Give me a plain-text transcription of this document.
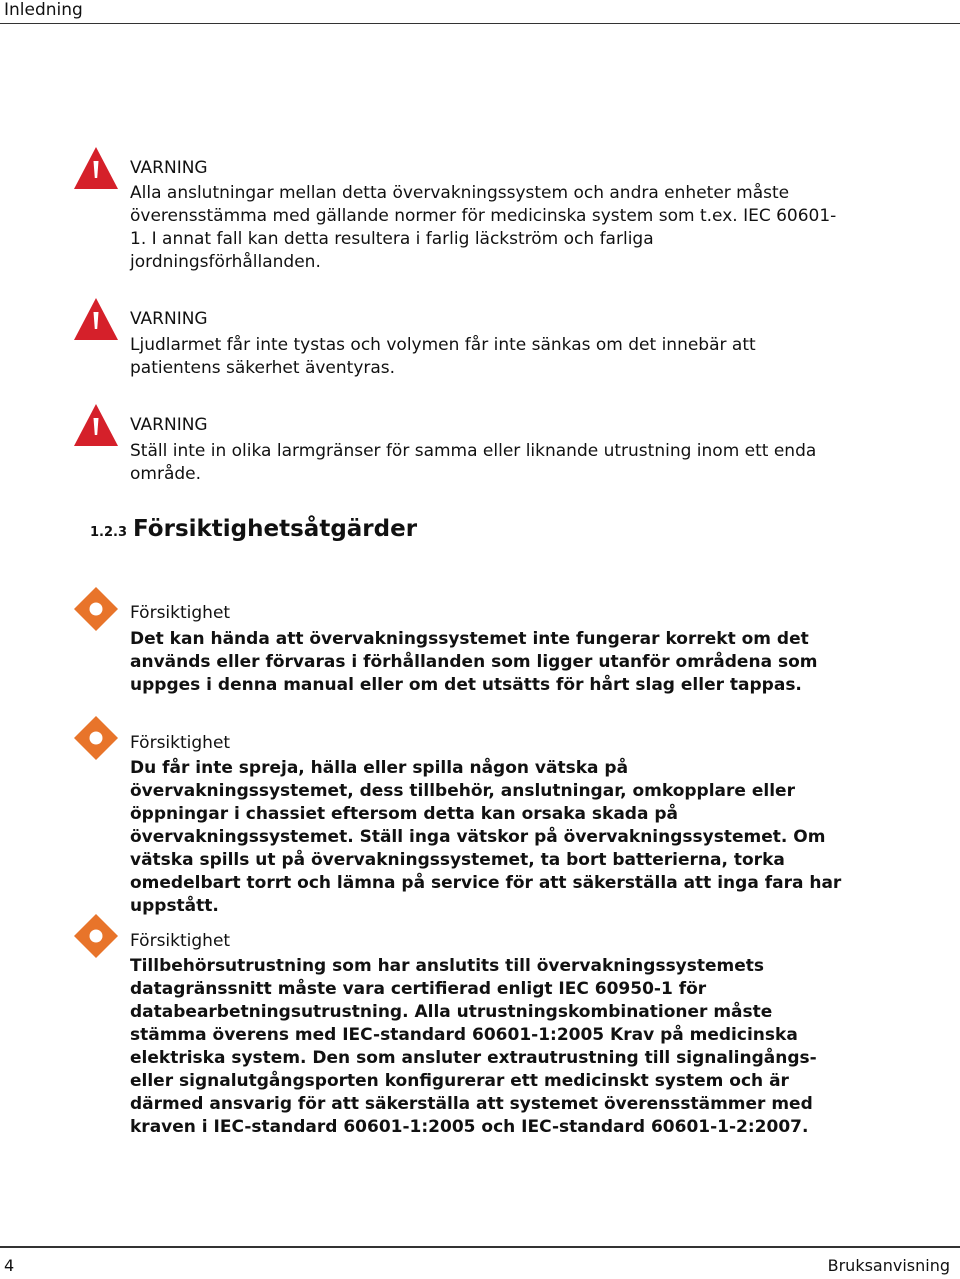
Inledning
VARNING
Alla anslutningar mellan detta övervakningssystem och andra enheter måste överensstämma med gällande normer för medicinska system som t.ex. IEC 60601-1. I annat fall kan detta resultera i farlig läckström och farliga jordningsförhållanden.
VARNING
Ljudlarmet får inte tystas och volymen får inte sänkas om det innebär att patientens säkerhet äventyras.
VARNING
Ställ inte in olika larmgränser för samma eller liknande utrustning inom ett enda område.
1.2.3 Försiktighetsåtgärder
Försiktighet
Det kan hända att övervakningssystemet inte fungerar korrekt om det används eller förvaras i förhållanden som ligger utanför områdena som uppges i denna manual eller om det utsätts för hårt slag eller tappas.
Försiktighet
Du får inte spreja, hälla eller spilla någon vätska på övervakningssystemet, dess tillbehör, anslutningar, omkopplare eller öppningar i chassiet eftersom detta kan orsaka skada på övervakningssystemet. Ställ inga vätskor på övervakningssystemet. Om vätska spills ut på övervakningssystemet, ta bort batterierna, torka omedelbart torrt och lämna på service för att säkerställa att inga fara har uppstått.
Försiktighet
Tillbehörsutrustning som har anslutits till övervakningssystemets datagränssnitt måste vara certifierad enligt IEC 60950-1 för databearbetningsutrustning. Alla utrustningskombinationer måste stämma överens med IEC-standard 60601-1:2005 Krav på medicinska elektriska system. Den som ansluter extrautrustning till signalingångs- eller signalutgångsporten konfigurerar ett medicinskt system och är därmed ansvarig för att säkerställa att systemet överensstämmer med kraven i IEC-standard 60601-1:2005 och IEC-standard 60601-1-2:2007.
4	Bruksanvisning
